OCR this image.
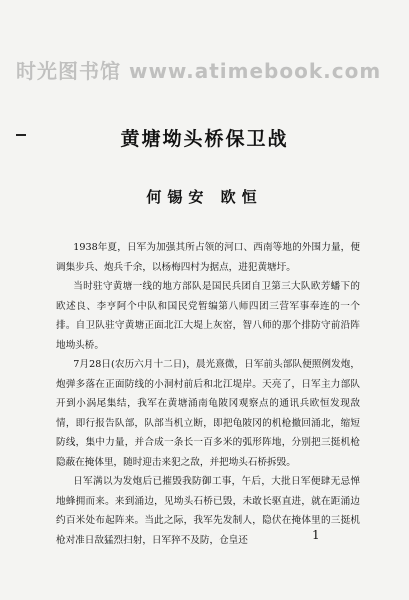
时光图书馆 www.atimebook.com
黄塘坳头桥保卫战
何锡安 欧恒

1938年夏，日军为加强其所占领的河口、西南等地的外围力量，便调集步兵、炮兵千余，以杨梅四村为据点，进犯黄塘圩。

当时驻守黄塘一线的地方部队是国民兵团自卫第三大队欧芳蟠下的欧述良、李亨阿个中队和国民党暂编第八师四团三营军事奉连的一个排。自卫队驻守黄塘正面北江大堤上灰窑，智八师的那个排防守前沿阵地坳头桥。

7月28日(农历六月十二日)，晨光熹微，日军前头部队便照例发炮，炮弹多落在正面防线的小洞村前后和北江堤岸。天亮了，日军主力部队开到小涡尾集结，我军在黄塘涌南龟陂冈观察点的通讯兵欧恒发现敌情，即行报告队部，队部当机立断，即把龟陂冈的机枪撤回涌北，缩短防线，集中力量，并合成一条长一百多米的弧形阵地，分别把三挺机枪隐蔽在掩体里，随时迎击来犯之敌，并把坳头石桥拆毁。

日军满以为发炮后已摧毁我防御工事，午后，大批日军便肆无忌惮地蜂拥而来。来到涌边，见坳头石桥已毁，未敢长驱直进，就在距涌边约百米处布起阵来。当此之际，我军先发制人，隐伏在掩体里的三挺机枪对准日敌猛烈扫射，日军猝不及防，仓皇还	1
